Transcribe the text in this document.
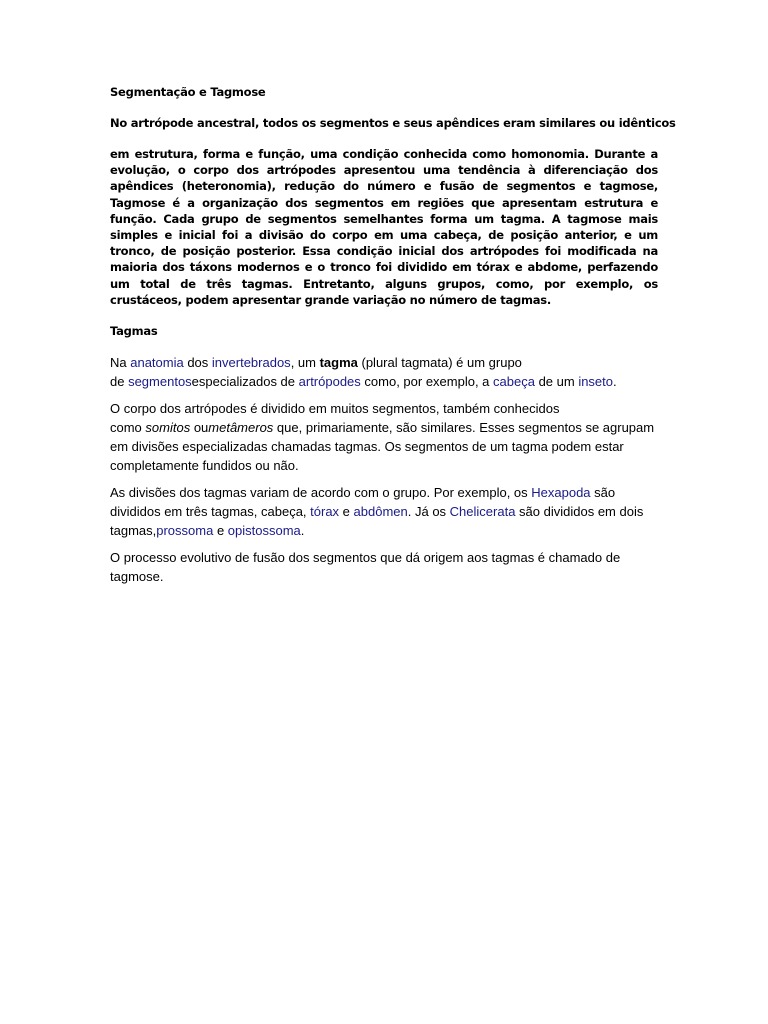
Segmentação e Tagmose

No artrópode ancestral, todos os segmentos e seus apêndices eram similares ou idênticos

em estrutura, forma e função, uma condição conhecida como homonomia. Durante a evolução, o corpo dos artrópodes apresentou uma tendência à diferenciação dos apêndices (heteronomia), redução do número e fusão de segmentos e tagmose, Tagmose é a organização dos segmentos em regiões que apresentam estrutura e função. Cada grupo de segmentos semelhantes forma um tagma. A tagmose mais simples e inicial foi a divisão do corpo em uma cabeça, de posição anterior, e um tronco, de posição posterior. Essa condição inicial dos artrópodes foi modificada na maioria dos táxons modernos e o tronco foi dividido em tórax e abdome, perfazendo um total de três tagmas. Entretanto, alguns grupos, como, por exemplo, os crustáceos, podem apresentar grande variação no número de tagmas.

Tagmas

Na anatomia dos invertebrados, um tagma (plural tagmata) é um grupo
de segmentosespecializados de artrópodes como, por exemplo, a cabeça de um inseto.

O corpo dos artrópodes é dividido em muitos segmentos, também conhecidos
como somitos oumetâmeros que, primariamente, são similares. Esses segmentos se agrupam
em divisões especializadas chamadas tagmas. Os segmentos de um tagma podem estar
completamente fundidos ou não.

As divisões dos tagmas variam de acordo com o grupo. Por exemplo, os Hexapoda são
divididos em três tagmas, cabeça, tórax e abdômen. Já os Chelicerata são divididos em dois
tagmas,prossoma e opistossoma.

O processo evolutivo de fusão dos segmentos que dá origem aos tagmas é chamado de
tagmose.
